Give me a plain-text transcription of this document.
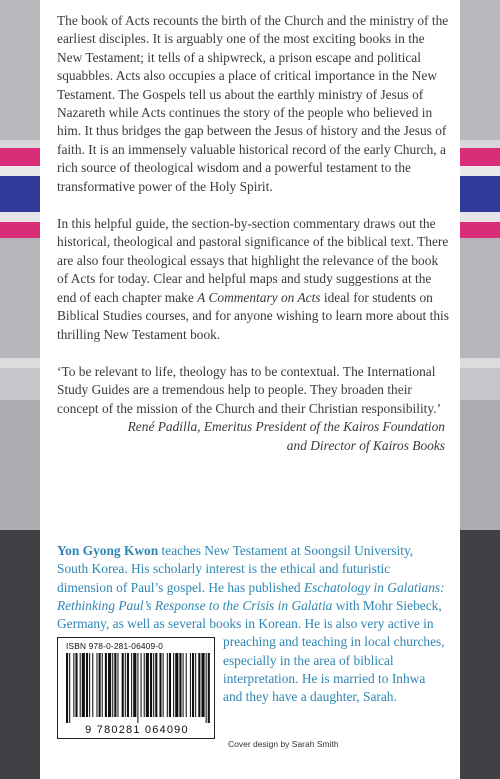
The book of Acts recounts the birth of the Church and the ministry of the earliest disciples. It is arguably one of the most exciting books in the New Testament; it tells of a shipwreck, a prison escape and political squabbles. Acts also occupies a place of critical importance in the New Testament. The Gospels tell us about the earthly ministry of Jesus of Nazareth while Acts continues the story of the people who believed in him. It thus bridges the gap between the Jesus of history and the Jesus of faith. It is an immensely valuable historical record of the early Church, a rich source of theological wisdom and a powerful testament to the transformative power of the Holy Spirit.

In this helpful guide, the section-by-section commentary draws out the historical, theological and pastoral significance of the biblical text. There are also four theological essays that highlight the relevance of the book of Acts for today. Clear and helpful maps and study suggestions at the end of each chapter make A Commentary on Acts ideal for students on Biblical Studies courses, and for anyone wishing to learn more about this thrilling New Testament book.

‘To be relevant to life, theology has to be contextual. The International Study Guides are a tremendous help to people. They broaden their concept of the mission of the Church and their Christian responsibility.’

René Padilla, Emeritus President of the Kairos Foundation
and Director of Kairos Books
Yon Gyong Kwon teaches New Testament at Soongsil University, South Korea. His scholarly interest is the ethical and futuristic dimension of Paul’s gospel. He has published Eschatology in Galatians: Rethinking Paul’s Response to the Crisis in Galatia with Mohr Siebeck, Germany, as well as several books in Korean. He is also very active in preaching and teaching in local churches, especially in the area of biblical interpretation. He is married to Inhwa and they have a daughter, Sarah.
ISBN 978-0-281-06409-0
9 780281 064090
Cover design by Sarah Smith
